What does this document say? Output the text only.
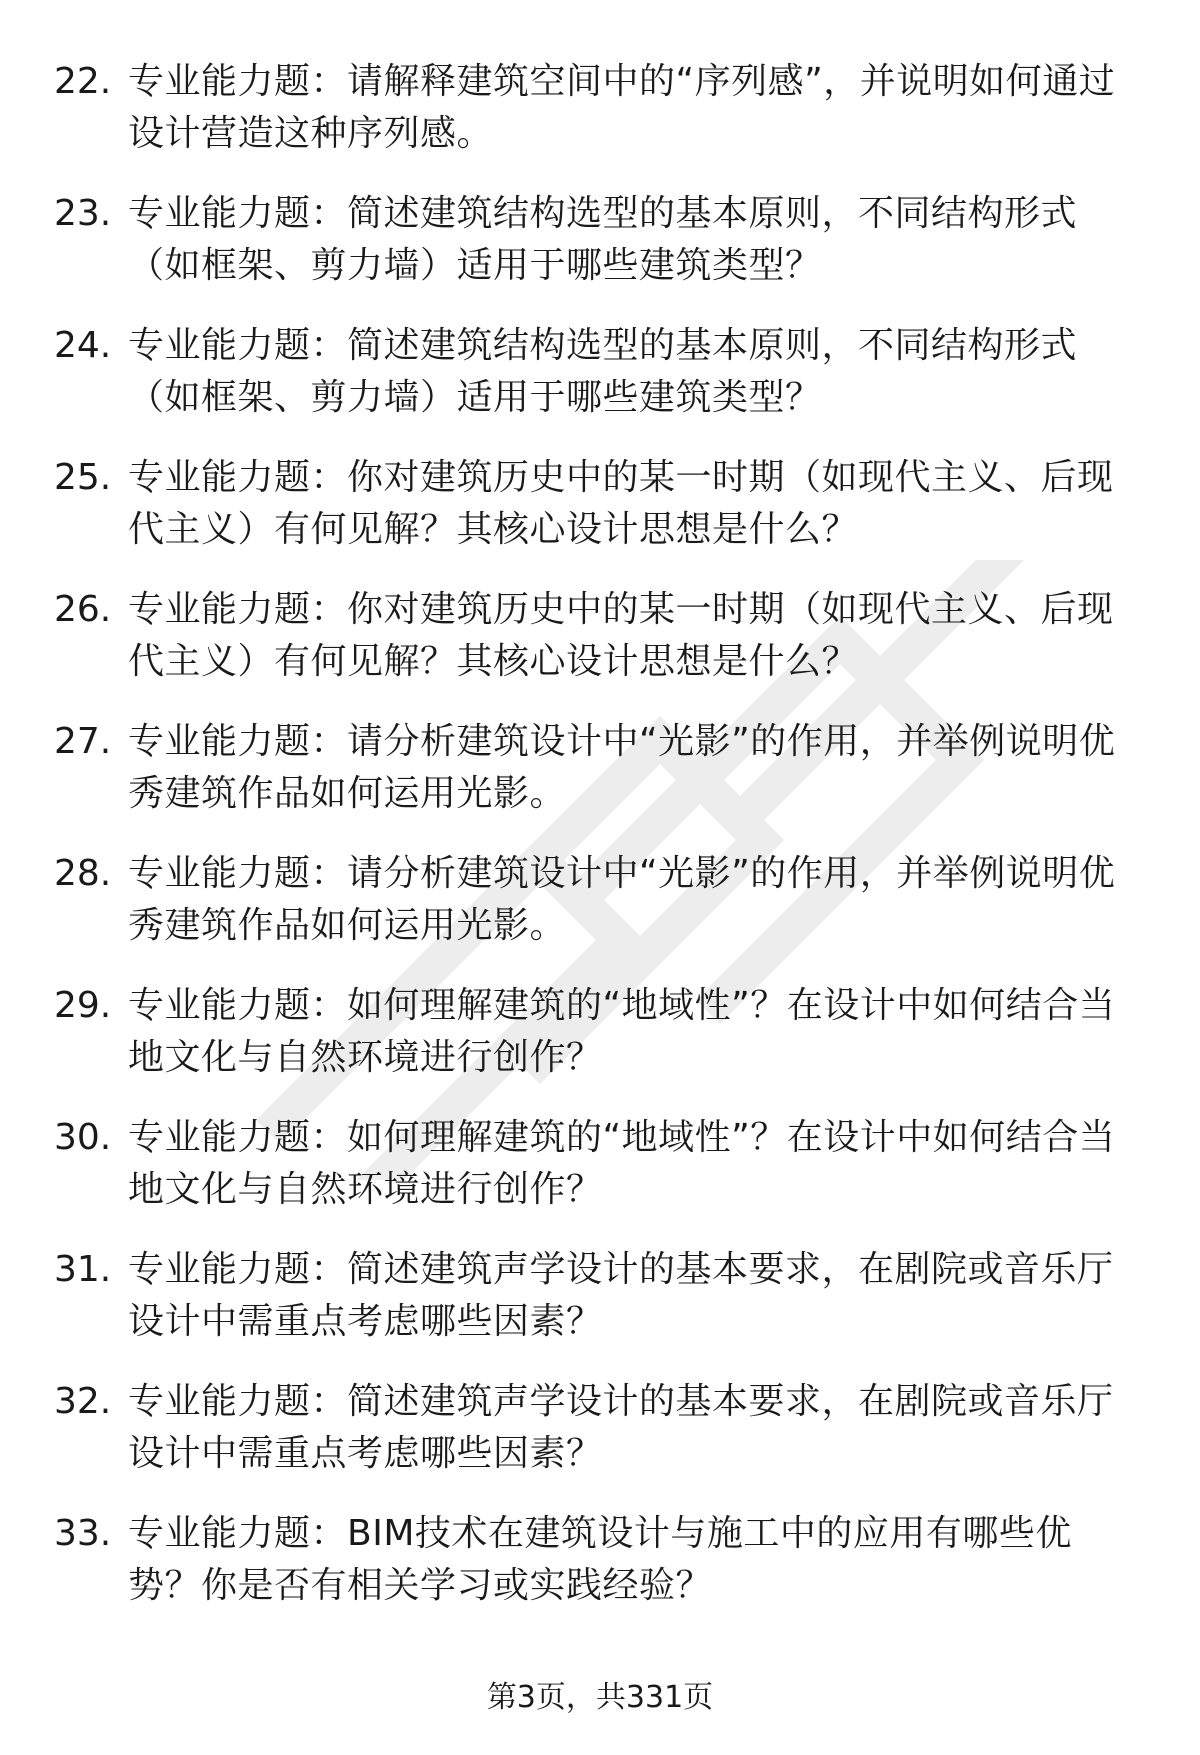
22. 专业能力题：请解释建筑空间中的“序列感”，并说明如何通过设计营造这种序列感。
23. 专业能力题：简述建筑结构选型的基本原则，不同结构形式（如框架、剪力墙）适用于哪些建筑类型？
24. 专业能力题：简述建筑结构选型的基本原则，不同结构形式（如框架、剪力墙）适用于哪些建筑类型？
25. 专业能力题：你对建筑历史中的某一时期（如现代主义、后现代主义）有何见解？其核心设计思想是什么？
26. 专业能力题：你对建筑历史中的某一时期（如现代主义、后现代主义）有何见解？其核心设计思想是什么？
27. 专业能力题：请分析建筑设计中“光影”的作用，并举例说明优秀建筑作品如何运用光影。
28. 专业能力题：请分析建筑设计中“光影”的作用，并举例说明优秀建筑作品如何运用光影。
29. 专业能力题：如何理解建筑的“地域性”？在设计中如何结合当地文化与自然环境进行创作？
30. 专业能力题：如何理解建筑的“地域性”？在设计中如何结合当地文化与自然环境进行创作？
31. 专业能力题：简述建筑声学设计的基本要求，在剧院或音乐厅设计中需重点考虑哪些因素？
32. 专业能力题：简述建筑声学设计的基本要求，在剧院或音乐厅设计中需重点考虑哪些因素？
33. 专业能力题：BIM技术在建筑设计与施工中的应用有哪些优势？你是否有相关学习或实践经验？
第3页，共331页
